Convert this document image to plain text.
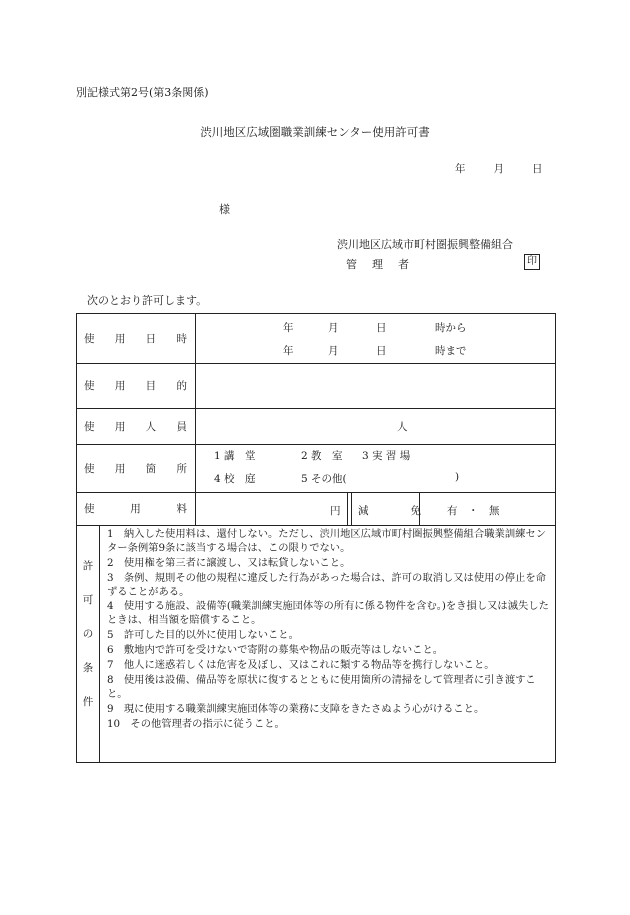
別記様式第2号(第3条関係)
渋川地区広域圏職業訓練センター使用許可書
年	月	日
様
渋川地区広域市町村圏振興整備組合
管理者	印
次のとおり許可します。
使 用 日 時
年	月	日	時から
年	月	日	時まで
使 用 目 的
使 用 人 員	人
使 用 箇 所
1 講　堂	2 教　室 3 実 習 場
4 校　庭	5 その他(	)
使	用	料	円 減　　　　免 有　・　無
許
可
の
条
件
1　納入した使用料は、還付しない。ただし、渋川地区広域市町村圏振興整備組合職業訓練センター条例第9条に該当する場合は、この限りでない。
2　使用権を第三者に譲渡し、又は転貸しないこと。
3　条例、規則その他の規程に違反した行為があった場合は、許可の取消し又は使用の停止を命ずることがある。
4　使用する施設、設備等(職業訓練実施団体等の所有に係る物件を含む。)をき損し又は滅失したときは、相当額を賠償すること。
5　許可した目的以外に使用しないこと。
6　敷地内で許可を受けないで寄附の募集や物品の販売等はしないこと。
7　他人に迷惑若しくは危害を及ぼし、又はこれに類する物品等を携行しないこと。
8　使用後は設備、備品等を原状に復するとともに使用箇所の清掃をして管理者に引き渡すこと。
9　現に使用する職業訓練実施団体等の業務に支障をきたさぬよう心がけること。
10　その他管理者の指示に従うこと。
